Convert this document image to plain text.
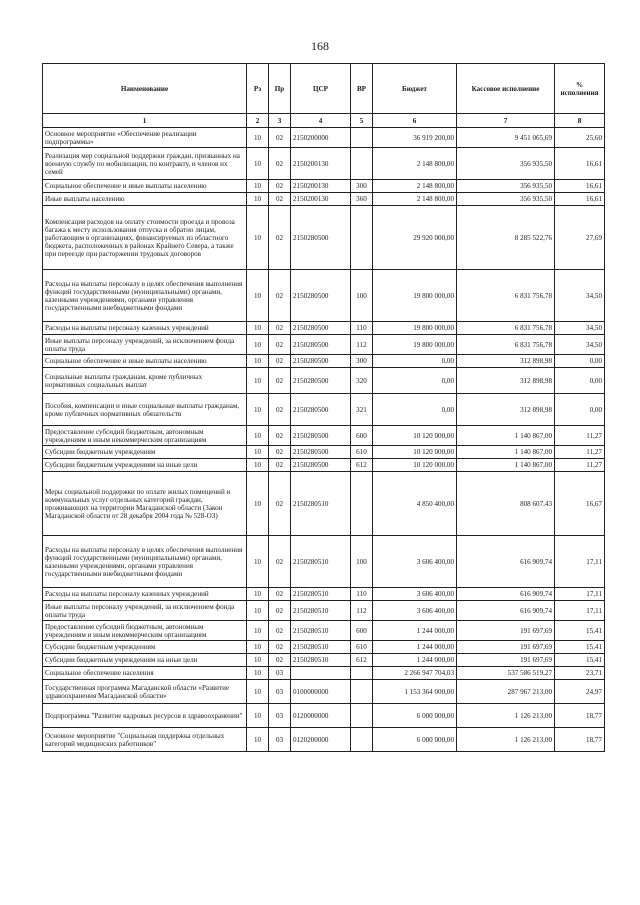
168
Наименование	Рз	Пр	ЦСР	ВР	Бюджет	Кассовое исполнение	% исполнения
1	2	3	4	5	6	7	8
Основное мероприятие «Обеспечение реализации подпрограммы»	10	02	2150200000		36 919 200,00	9 451 065,69	25,60
Реализация мер социальной поддержки граждан, призванных на военную службу по мобилизации, по контракту, и членов их семей	10	02	2150200130		2 148 800,00	356 935,50	16,61
Социальное обеспечение и иные выплаты населению	10	02	2150200130	300	2 148 800,00	356 935,50	16,61
Иные выплаты населению	10	02	2150200130	360	2 148 800,00	356 935,50	16,61
Компенсация расходов на оплату стоимости проезда и провоза багажа к месту использования отпуска и обратно лицам, работающим в организациях, финансируемых из областного бюджета, расположенных в районах Крайнего Севера, а также при переезде при расторжении трудовых договоров	10	02	2150280500		29 920 000,00	8 285 522,76	27,69
Расходы на выплаты персоналу в целях обеспечения выполнения функций государственными (муниципальными) органами, казенными учреждениями, органами управления государственными внебюджетными фондами	10	02	2150280500	100	19 800 000,00	6 831 756,78	34,50
Расходы на выплаты персоналу казенных учреждений	10	02	2150280500	110	19 800 000,00	6 831 756,78	34,50
Иные выплаты персоналу учреждений, за исключением фонда оплаты труда	10	02	2150280500	112	19 800 000,00	6 831 756,78	34,50
Социальное обеспечение и иные выплаты населению	10	02	2150280500	300	0,00	312 898,98	0,00
Социальные выплаты гражданам, кроме публичных нормативных социальных выплат	10	02	2150280500	320	0,00	312 898,98	0,00
Пособия, компенсации и иные социальные выплаты гражданам, кроме публичных нормативных обязательств	10	02	2150280500	321	0,00	312 898,98	0,00
Предоставление субсидий бюджетным, автономным учреждениям и иным некоммерческим организациям	10	02	2150280500	600	10 120 000,00	1 140 867,00	11,27
Субсидии бюджетным учреждениям	10	02	2150280500	610	10 120 000,00	1 140 867,00	11,27
Субсидии бюджетным учреждениям на иные цели	10	02	2150280500	612	10 120 000,00	1 140 867,00	11,27
Меры социальной поддержки по оплате жилых помещений и коммунальных услуг отдельных категорий граждан, проживающих на территории Магаданской области (Закон Магаданской области от 28 декабря 2004 года № 528-ОЗ)	10	02	2150280510		4 850 400,00	808 607,43	16,67
Расходы на выплаты персоналу в целях обеспечения выполнения функций государственными (муниципальными) органами, казенными учреждениями, органами управления государственными внебюджетными фондами	10	02	2150280510	100	3 606 400,00	616 909,74	17,11
Расходы на выплаты персоналу казенных учреждений	10	02	2150280510	110	3 606 400,00	616 909,74	17,11
Иные выплаты персоналу учреждений, за исключением фонда оплаты труда	10	02	2150280510	112	3 606 400,00	616 909,74	17,11
Предоставление субсидий бюджетным, автономным учреждениям и иным некоммерческим организациям	10	02	2150280510	600	1 244 000,00	191 697,69	15,41
Субсидии бюджетным учреждениям	10	02	2150280510	610	1 244 000,00	191 697,69	15,41
Субсидии бюджетным учреждениям на иные цели	10	02	2150280510	612	1 244 000,00	191 697,69	15,41
Социальное обеспечение населения	10	03			2 266 947 704,03	537 586 519,27	23,71
Государственная программа Магаданской области «Развитие здравоохранения Магаданской области»	10	03	0100000000		1 153 364 000,00	287 967 213,00	24,97
Подпрограмма "Развитие кадровых ресурсов в здравоохранении"	10	03	0120000000		6 000 000,00	1 126 213,00	18,77
Основное мероприятие "Социальная поддержка отдельных категорий медицинских работников"	10	03	0120200000		6 000 000,00	1 126 213,00	18,77
